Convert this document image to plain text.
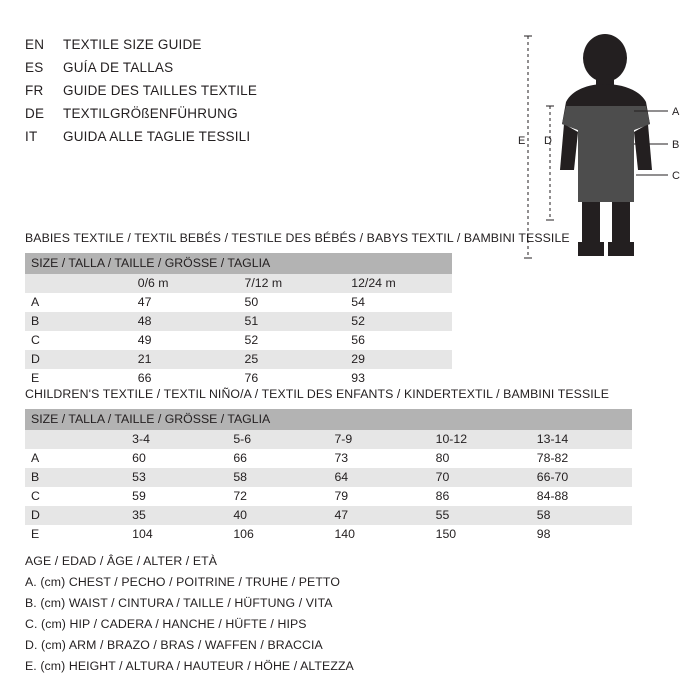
EN	TEXTILE SIZE GUIDE
ES	GUÍA DE TALLAS
FR	GUIDE DES TAILLES TEXTILE
DE	TEXTILGRÖßENFÜHRUNG
IT	GUIDA ALLE TAGLIE TESSILI
A
B
C
D
E
BABIES TEXTILE / TEXTIL BEBÉS / TESTILE DES BÉBÉS / BABYS TEXTIL / BAMBINI TESSILE
SIZE / TALLA / TAILLE / GRÖSSE / TAGLIA			
	0/6 m	7/12 m	12/24 m
A	47	50	54
B	48	51	52
C	49	52	56
D	21	25	29
E	66	76	93
CHILDREN'S TEXTILE / TEXTIL NIÑO/A / TEXTIL DES ENFANTS / KINDERTEXTIL / BAMBINI TESSILE
SIZE / TALLA / TAILLE / GRÖSSE / TAGLIA					
	3-4	5-6	7-9	10-12	13-14
A	60	66	73	80	78-82
B	53	58	64	70	66-70
C	59	72	79	86	84-88
D	35	40	47	55	58
E	104	106	140	150	98
AGE / EDAD / ÂGE / ALTER / ETÀ
A. (cm) CHEST / PECHO / POITRINE / TRUHE / PETTO
B. (cm) WAIST / CINTURA / TAILLE / HÜFTUNG / VITA
C. (cm) HIP / CADERA / HANCHE / HÜFTE / HIPS
D. (cm) ARM / BRAZO / BRAS / WAFFEN / BRACCIA
E. (cm) HEIGHT / ALTURA / HAUTEUR / HÖHE / ALTEZZA
